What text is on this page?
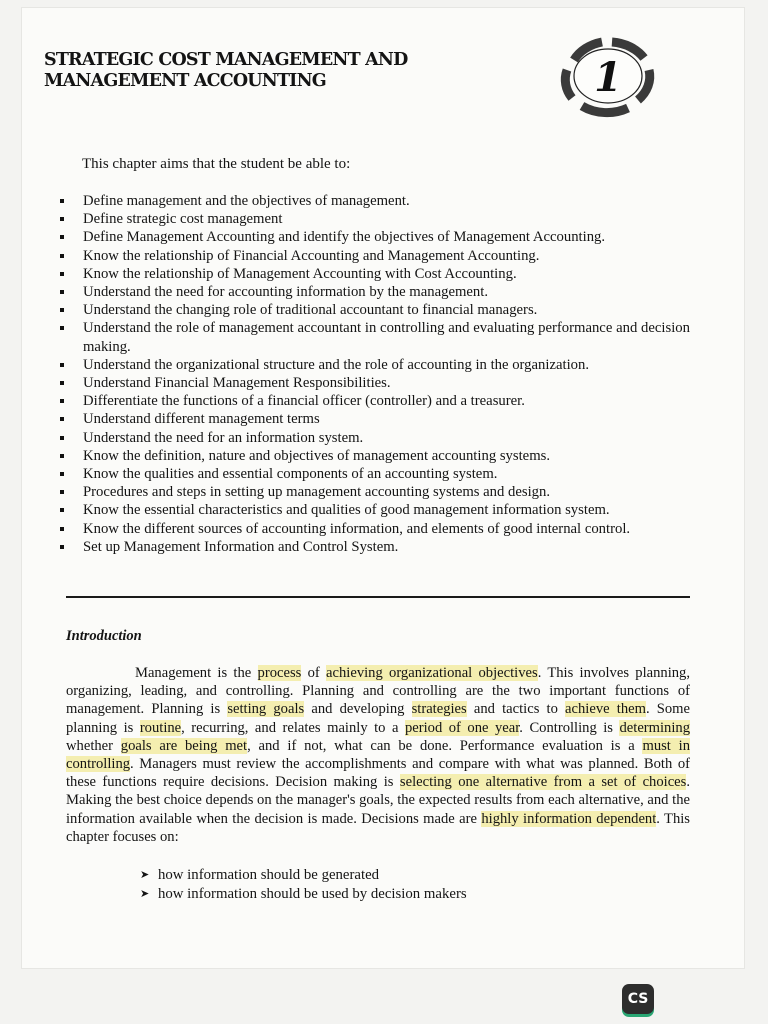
STRATEGIC COST MANAGEMENT AND
MANAGEMENT ACCOUNTING	1

This chapter aims that the student be able to:

Define management and the objectives of management.
Define strategic cost management
Define Management Accounting and identify the objectives of Management Accounting.
Know the relationship of Financial Accounting and Management Accounting.
Know the relationship of Management Accounting with Cost Accounting.
Understand the need for accounting information by the management.
Understand the changing role of traditional accountant to financial managers.
Understand the role of management accountant in controlling and evaluating performance and decision making.
Understand the organizational structure and the role of accounting in the organization.
Understand Financial Management Responsibilities.
Differentiate the functions of a financial officer (controller) and a treasurer.
Understand different management terms
Understand the need for an information system.
Know the definition, nature and objectives of management accounting systems.
Know the qualities and essential components of an accounting system.
Procedures and steps in setting up management accounting systems and design.
Know the essential characteristics and qualities of good management information system.
Know the different sources of accounting information, and elements of good internal control.
Set up Management Information and Control System.
Introduction

Management is the process of achieving organizational objectives. This involves planning, organizing, leading, and controlling. Planning and controlling are the two important functions of management. Planning is setting goals and developing strategies and tactics to achieve them. Some planning is routine, recurring, and relates mainly to a period of one year. Controlling is determining whether goals are being met, and if not, what can be done. Performance evaluation is a must in controlling. Managers must review the accomplishments and compare with what was planned. Both of these functions require decisions. Decision making is selecting one alternative from a set of choices. Making the best choice depends on the manager's goals, the expected results from each alternative, and the information available when the decision is made. Decisions made are highly information dependent. This chapter focuses on:

➤ how information should be generated
➤ how information should be used by decision makers
CS
